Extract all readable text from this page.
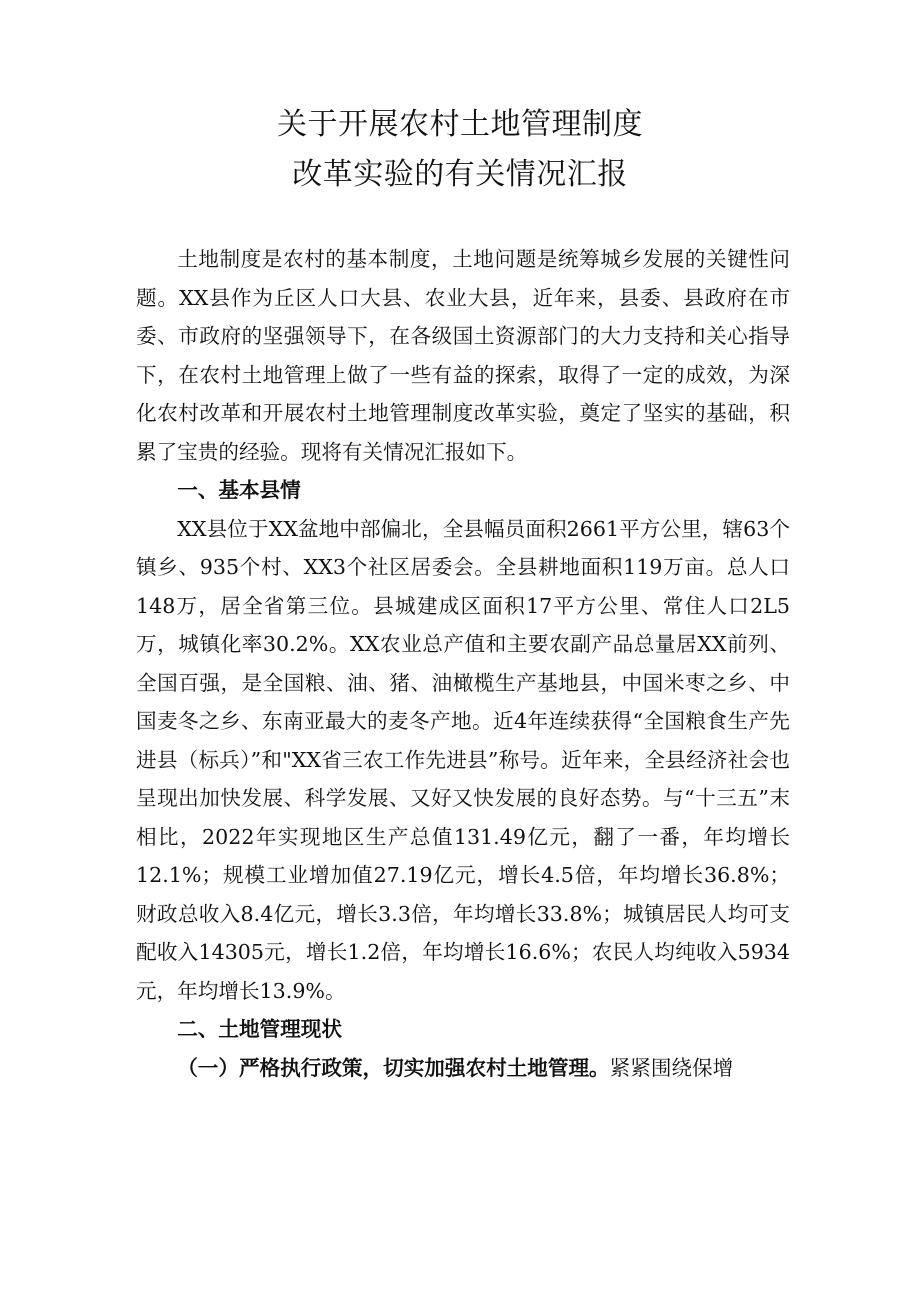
关于开展农村土地管理制度
改革实验的有关情况汇报

土地制度是农村的基本制度，土地问题是统筹城乡发展的关键性问题。XX县作为丘区人口大县、农业大县，近年来，县委、县政府在市委、市政府的坚强领导下，在各级国土资源部门的大力支持和关心指导下，在农村土地管理上做了一些有益的探索，取得了一定的成效，为深化农村改革和开展农村土地管理制度改革实验，奠定了坚实的基础，积累了宝贵的经验。现将有关情况汇报如下。

一、基本县情

XX县位于XX盆地中部偏北，全县幅员面积2661平方公里，辖63个镇乡、935个村、XX3个社区居委会。全县耕地面积119万亩。总人口148万，居全省第三位。县城建成区面积17平方公里、常住人口2L5万，城镇化率30.2%。XX农业总产值和主要农副产品总量居XX前列、全国百强，是全国粮、油、猪、油橄榄生产基地县，中国米枣之乡、中国麦冬之乡、东南亚最大的麦冬产地。近4年连续获得“全国粮食生产先进县（标兵）”和"XX省三农工作先进县”称号。近年来，全县经济社会也呈现出加快发展、科学发展、又好又快发展的良好态势。与“十三五”末相比，2022年实现地区生产总值131.49亿元，翻了一番，年均增长12.1%；规模工业增加值27.19亿元，增长4.5倍，年均增长36.8%；财政总收入8.4亿元，增长3.3倍，年均增长33.8%；城镇居民人均可支配收入14305元，增长1.2倍，年均增长16.6%；农民人均纯收入5934元，年均增长13.9%。

二、土地管理现状

（一）严格执行政策，切实加强农村土地管理。紧紧围绕保增
